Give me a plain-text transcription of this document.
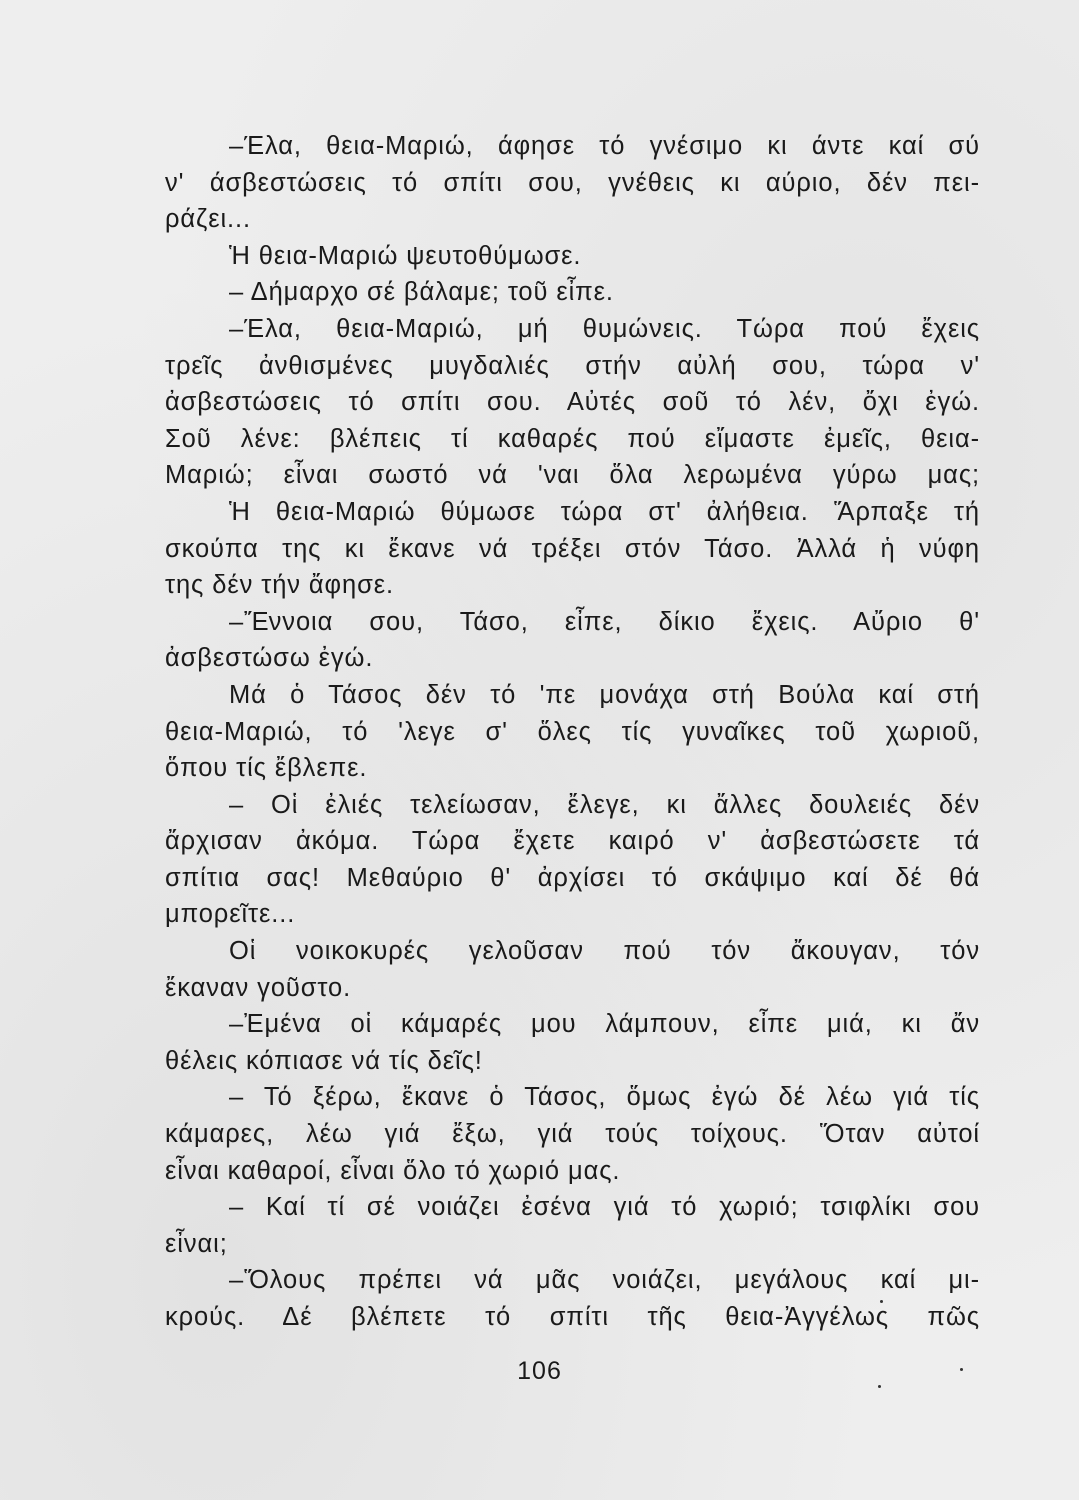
–Έλα, θεια-Μαριώ, άφησε τό γνέσιμο κι άντε καί σύ
ν' άσβεστώσεις τό σπίτι σου, γνέθεις κι αύριο, δέν πει-
ράζει...
Ἡ θεια-Μαριώ ψευτοθύμωσε.
– Δήμαρχο σέ βάλαμε; τοῦ εἶπε.
–Έλα, θεια-Μαριώ, μή θυμώνεις. Τώρα πού ἔχεις
τρεῖς ἀνθισμένες μυγδαλιές στήν αὐλή σου, τώρα ν'
ἀσβεστώσεις τό σπίτι σου. Αὐτές σοῦ τό λέν, ὄχι ἐγώ.
Σοῦ λένε: βλέπεις τί καθαρές πού εἴμαστε ἐμεῖς, θεια-
Μαριώ; εἶναι σωστό νά 'ναι ὅλα λερωμένα γύρω μας;
Ἡ θεια-Μαριώ θύμωσε τώρα στ' ἀλήθεια. Ἅρπαξε τή
σκούπα της κι ἔκανε νά τρέξει στόν Τάσο. Ἀλλά ἡ νύφη
της δέν τήν ἄφησε.
–Ἔννοια σου, Τάσο, εἶπε, δίκιο ἔχεις. Αὔριο θ'
ἀσβεστώσω ἐγώ.
Μά ὁ Τάσος δέν τό 'πε μονάχα στή Βούλα καί στή
θεια-Μαριώ, τό 'λεγε σ' ὅλες τίς γυναῖκες τοῦ χωριοῦ,
ὅπου τίς ἔβλεπε.
– Οἱ ἐλιές τελείωσαν, ἔλεγε, κι ἄλλες δουλειές δέν
ἄρχισαν ἀκόμα. Τώρα ἔχετε καιρό ν' ἀσβεστώσετε τά
σπίτια σας! Μεθαύριο θ' ἀρχίσει τό σκάψιμο καί δέ θά
μπορεῖτε...
Οἱ νοικοκυρές γελοῦσαν πού τόν ἄκουγαν, τόν
ἔκαναν γοῦστο.
–Ἐμένα οἱ κάμαρές μου λάμπουν, εἶπε μιά, κι ἄν
θέλεις κόπιασε νά τίς δεῖς!
– Τό ξέρω, ἔκανε ὁ Τάσος, ὅμως ἐγώ δέ λέω γιά τίς
κάμαρες, λέω γιά ἔξω, γιά τούς τοίχους. Ὅταν αὐτοί
εἶναι καθαροί, εἶναι ὅλο τό χωριό μας.
– Καί τί σέ νοιάζει ἐσένα γιά τό χωριό; τσιφλίκι σου
εἶναι;
–Ὅλους πρέπει νά μᾶς νοιάζει, μεγάλους καί μι-
κρούς. Δέ βλέπετε τό σπίτι τῆς θεια-Ἀγγέλως πῶς
106
